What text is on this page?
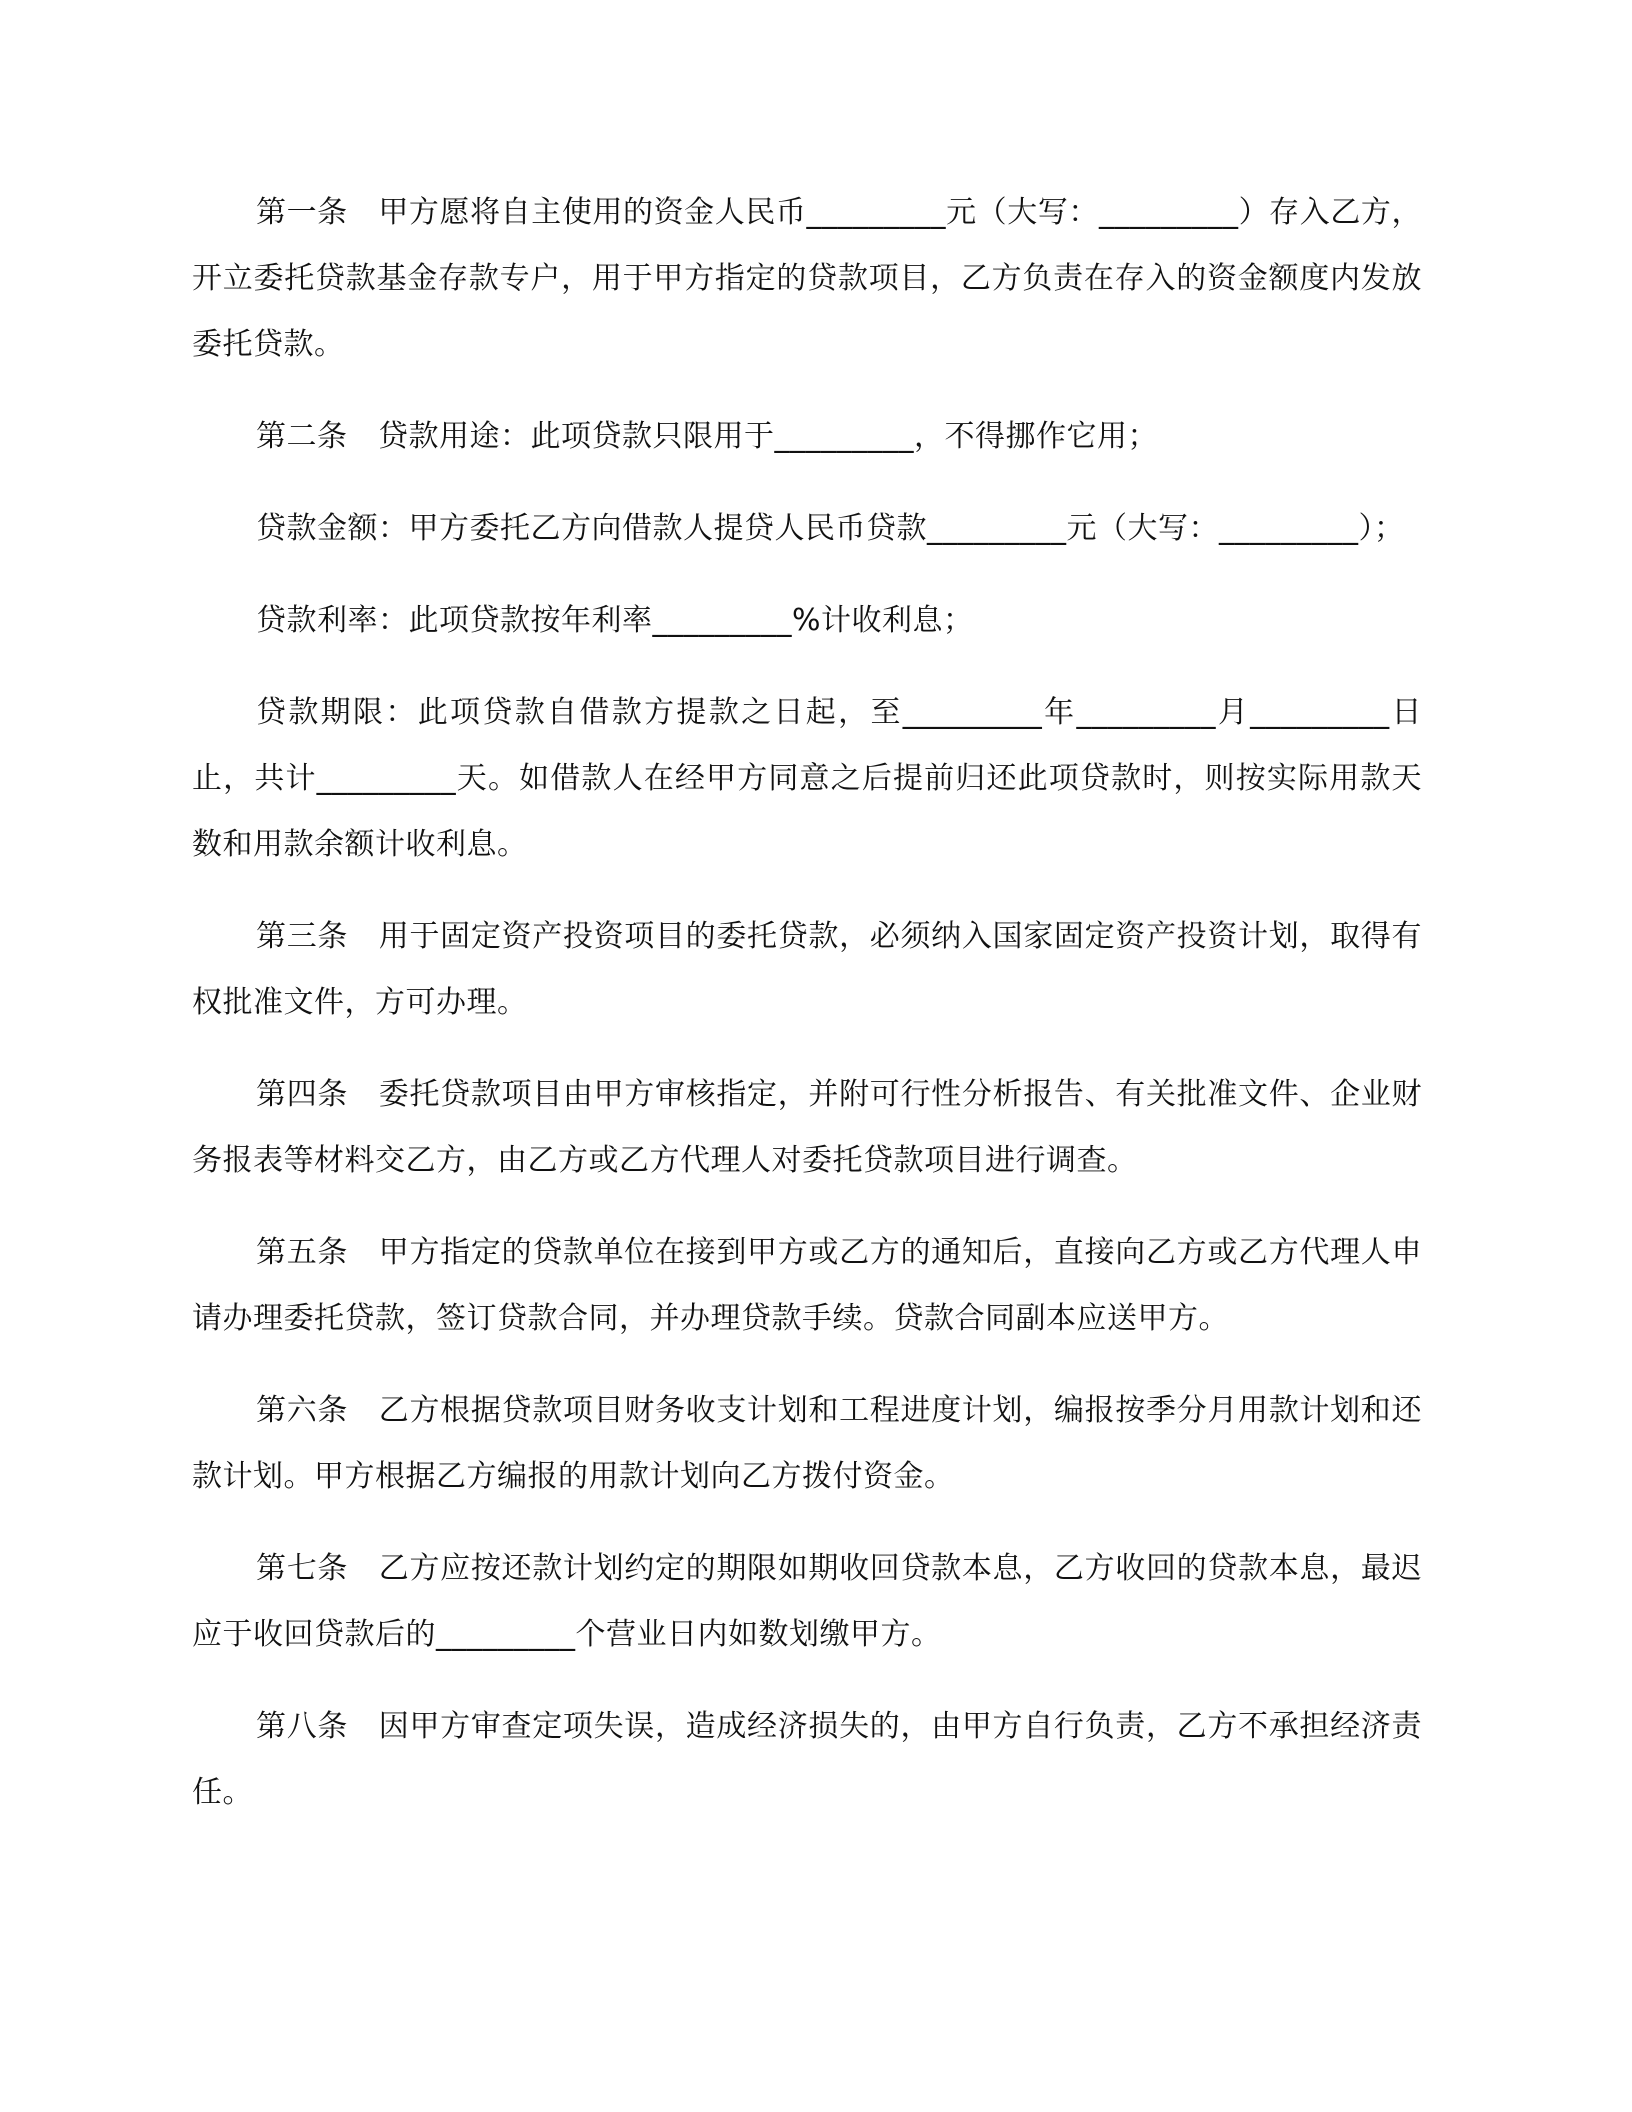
第一条　甲方愿将自主使用的资金人民币_________元（大写：_________）存入乙方，开立委托贷款基金存款专户，用于甲方指定的贷款项目，乙方负责在存入的资金额度内发放委托贷款。

第二条　贷款用途：此项贷款只限用于_________，不得挪作它用；

贷款金额：甲方委托乙方向借款人提贷人民币贷款_________元（大写：_________）；

贷款利率：此项贷款按年利率_________%计收利息；

贷款期限：此项贷款自借款方提款之日起，至_________年_________月_________日止，共计_________天。如借款人在经甲方同意之后提前归还此项贷款时，则按实际用款天数和用款余额计收利息。

第三条　用于固定资产投资项目的委托贷款，必须纳入国家固定资产投资计划，取得有权批准文件，方可办理。

第四条　委托贷款项目由甲方审核指定，并附可行性分析报告、有关批准文件、企业财务报表等材料交乙方，由乙方或乙方代理人对委托贷款项目进行调查。

第五条　甲方指定的贷款单位在接到甲方或乙方的通知后，直接向乙方或乙方代理人申请办理委托贷款，签订贷款合同，并办理贷款手续。贷款合同副本应送甲方。

第六条　乙方根据贷款项目财务收支计划和工程进度计划，编报按季分月用款计划和还款计划。甲方根据乙方编报的用款计划向乙方拨付资金。

第七条　乙方应按还款计划约定的期限如期收回贷款本息，乙方收回的贷款本息，最迟应于收回贷款后的_________个营业日内如数划缴甲方。

第八条　因甲方审查定项失误，造成经济损失的，由甲方自行负责，乙方不承担经济责任。
